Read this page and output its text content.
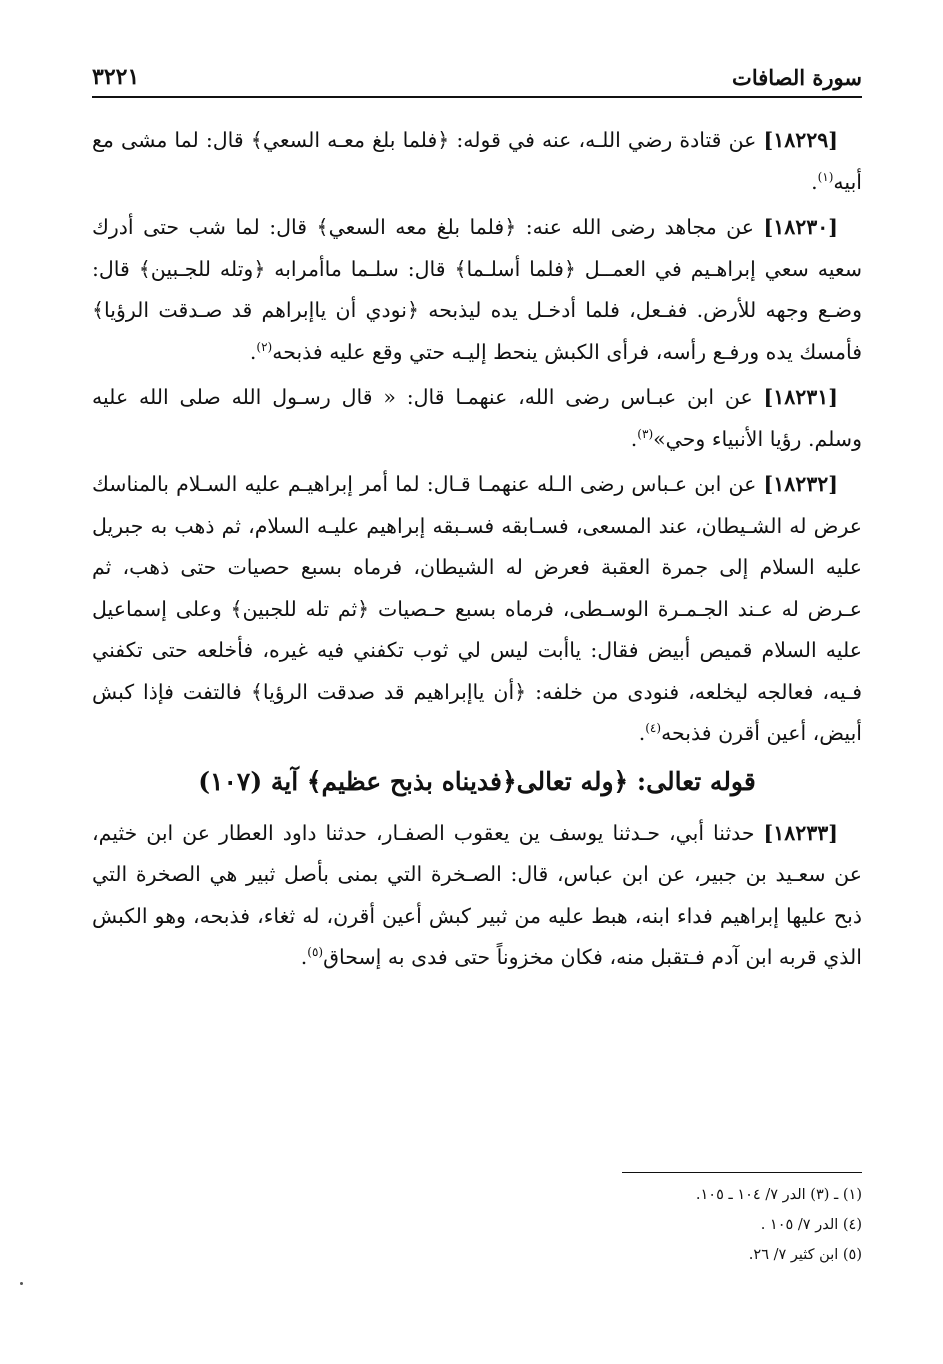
سورة الصافات
٣٢٢١

[١٨٢٢٩] عن قتادة رضي اللـه، عنه في قوله: ﴿فلما بلغ معـه السعي﴾ قال: لما مشى مع أبيه$^{(١)}$.

[١٨٢٣٠] عن مجاهد رضى الله عنه: ﴿فلما بلغ معه السعي﴾ قال: لما شب حتى أدرك سعيه سعي إبراهـيم في العمــل ﴿فلما أسلـما﴾ قال: سلـما ماأمرابه ﴿وتله للجـبين﴾ قال: وضـع وجهه للأرض. ففـعل، فلما أدخـل يده ليذبحه ﴿نودي أن ياإبراهم قد صـدقت الرؤيا﴾ فأمسك يده ورفـع رأسه، فرأى الكبش ينحط إليـه حتي وقع عليه فذبحه$^{(٢)}$.

[١٨٢٣١] عن ابن عبـاس رضى الله، عنهمـا قال: « قال رسـول الله صلى الله عليه وسلم. رؤيا الأنبياء وحي»$^{(٣)}$.

[١٨٢٣٢] عن ابن عـباس رضى الـله عنهمـا قـال: لما أمر إبراهيـم عليه السـلام بالمناسك عرض له الشـيطان، عند المسعى، فسـابقه فسـبقه إبراهيم عليـه السلام، ثم ذهب به جبريل عليه السلام إلى جمرة العقبة فعرض له الشيطان، فرماه بسبع حصيات حتى ذهب، ثم عـرض له عـند الجـمـرة الوسـطى، فرماه بسبع حـصيات ﴿ثم تله للجبين﴾ وعلى إسماعيل عليه السلام قميص أبيض فقال: ياأبت ليس لي ثوب تكفني فيه غيره، فأخلعه حتى تكفني فـيه، فعالجه ليخلعه، فنودى من خلفه: ﴿أن ياإبراهيم قد صدقت الرؤيا﴾ فالتفت فإذا كبش أبيض، أعين أقرن فذبحه$^{(٤)}$.

قوله تعالى: ﴿وله تعالى﴿فديناه بذبح عظيم﴾ آية (١٠٧)

[١٨٢٣٣] حدثنا أبي، حـدثنا يوسف ين يعقوب الصفـار، حدثنا داود العطار عن ابن خثيم، عن سعـيد بن جبير، عن ابن عباس، قال: الصـخرة التي بمنى بأصل ثبير هي الصخرة التي ذبح عليها إبراهيم فداء ابنه، هبط عليه من ثبير كبش أعين أقرن، له ثغاء، فذبحه، وهو الكبش الذي قربه ابن آدم فـتقبل منه، فكان مخزوناً حتى فدى به إسحاق$^{(٥)}$.

(١) ـ (٣) الدر ٧/ ١٠٤ ـ ١٠٥.
(٤) الدر ٧/ ١٠٥ .
(٥) ابن كثير ٧/ ٢٦.
